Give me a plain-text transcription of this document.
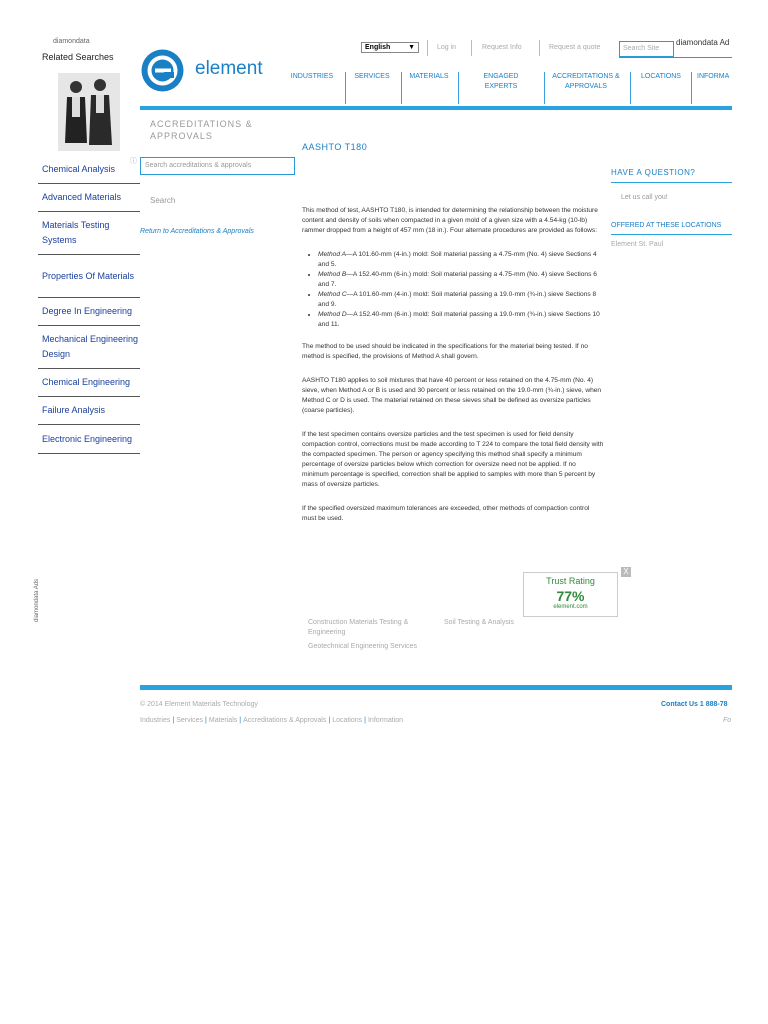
diamondata
Related Searches
ⓘ
Chemical Analysis
Advanced Materials
Materials Testing Systems
Properties Of Materials
Degree In Engineering
Mechanical Engineering Design
Chemical Engineering
Failure Analysis
Electronic Engineering
diamondata Ads
element
English	▼	Log in	Request Info	Request a quote	Search Site
diamondata Ad
INDUSTRIES	SERVICES	MATERIALS	ENGAGED EXPERTS
ACCREDITATIONS & APPROVALS
LOCATIONS	INFORMA
ACCREDITATIONS & APPROVALS
Search accreditations & approvals
Search
Return to Accreditations & Approvals
AASHTO T180

This method of test, AASHTO T180, is intended for determining the relationship between the moisture content and density of soils when compacted in a given mold of a given size with a 4.54-kg (10-lb) rammer dropped from a height of 457 mm (18 in.). Four alternate procedures are provided as follows:

• Method A—A 101.60-mm (4-in.) mold: Soil material passing a 4.75-mm (No. 4) sieve Sections 4 and 5.
• Method B—A 152.40-mm (6-in.) mold: Soil material passing a 4.75-mm (No. 4) sieve Sections 6 and 7.
• Method C—A 101.60-mm (4-in.) mold: Soil material passing a 19.0-mm (¾-in.) sieve Sections 8 and 9.
• Method D—A 152.40-mm (6-in.) mold: Soil material passing a 19.0-mm (¾-in.) sieve Sections 10 and 11.

The method to be used should be indicated in the specifications for the material being tested. If no method is specified, the provisions of Method A shall govern.

AASHTO T180 applies to soil mixtures that have 40 percent or less retained on the 4.75-mm (No. 4) sieve, when Method A or B is used and 30 percent or less retained on the 19.0-mm (¾-in.) sieve, when Method C or D is used. The material retained on these sieves shall be defined as oversize particles (coarse particles).

If the test specimen contains oversize particles and the test specimen is used for field density compaction control, corrections must be made according to T 224 to compare the total field density with the compacted specimen. The person or agency specifying this method shall specify a minimum percentage of oversize particles below which correction for oversize need not be applied. If no minimum percentage is specified, correction shall be applied to samples with more than 5 percent by mass of oversize particles.

If the specified oversized maximum tolerances are exceeded, other methods of compaction control must be used.

HAVE A QUESTION?
Let us call you!
OFFERED AT THESE LOCATIONS
Element St. Paul
Trust Rating
77%
element.com
X
Construction Materials Testing & Engineering
Soil Testing & Analysis
Geotechnical Engineering Services
© 2014 Element Materials Technology	Contact Us 1 888-78
Industries | Services | Materials | Accreditations & Approvals | Locations | Information	Fo
